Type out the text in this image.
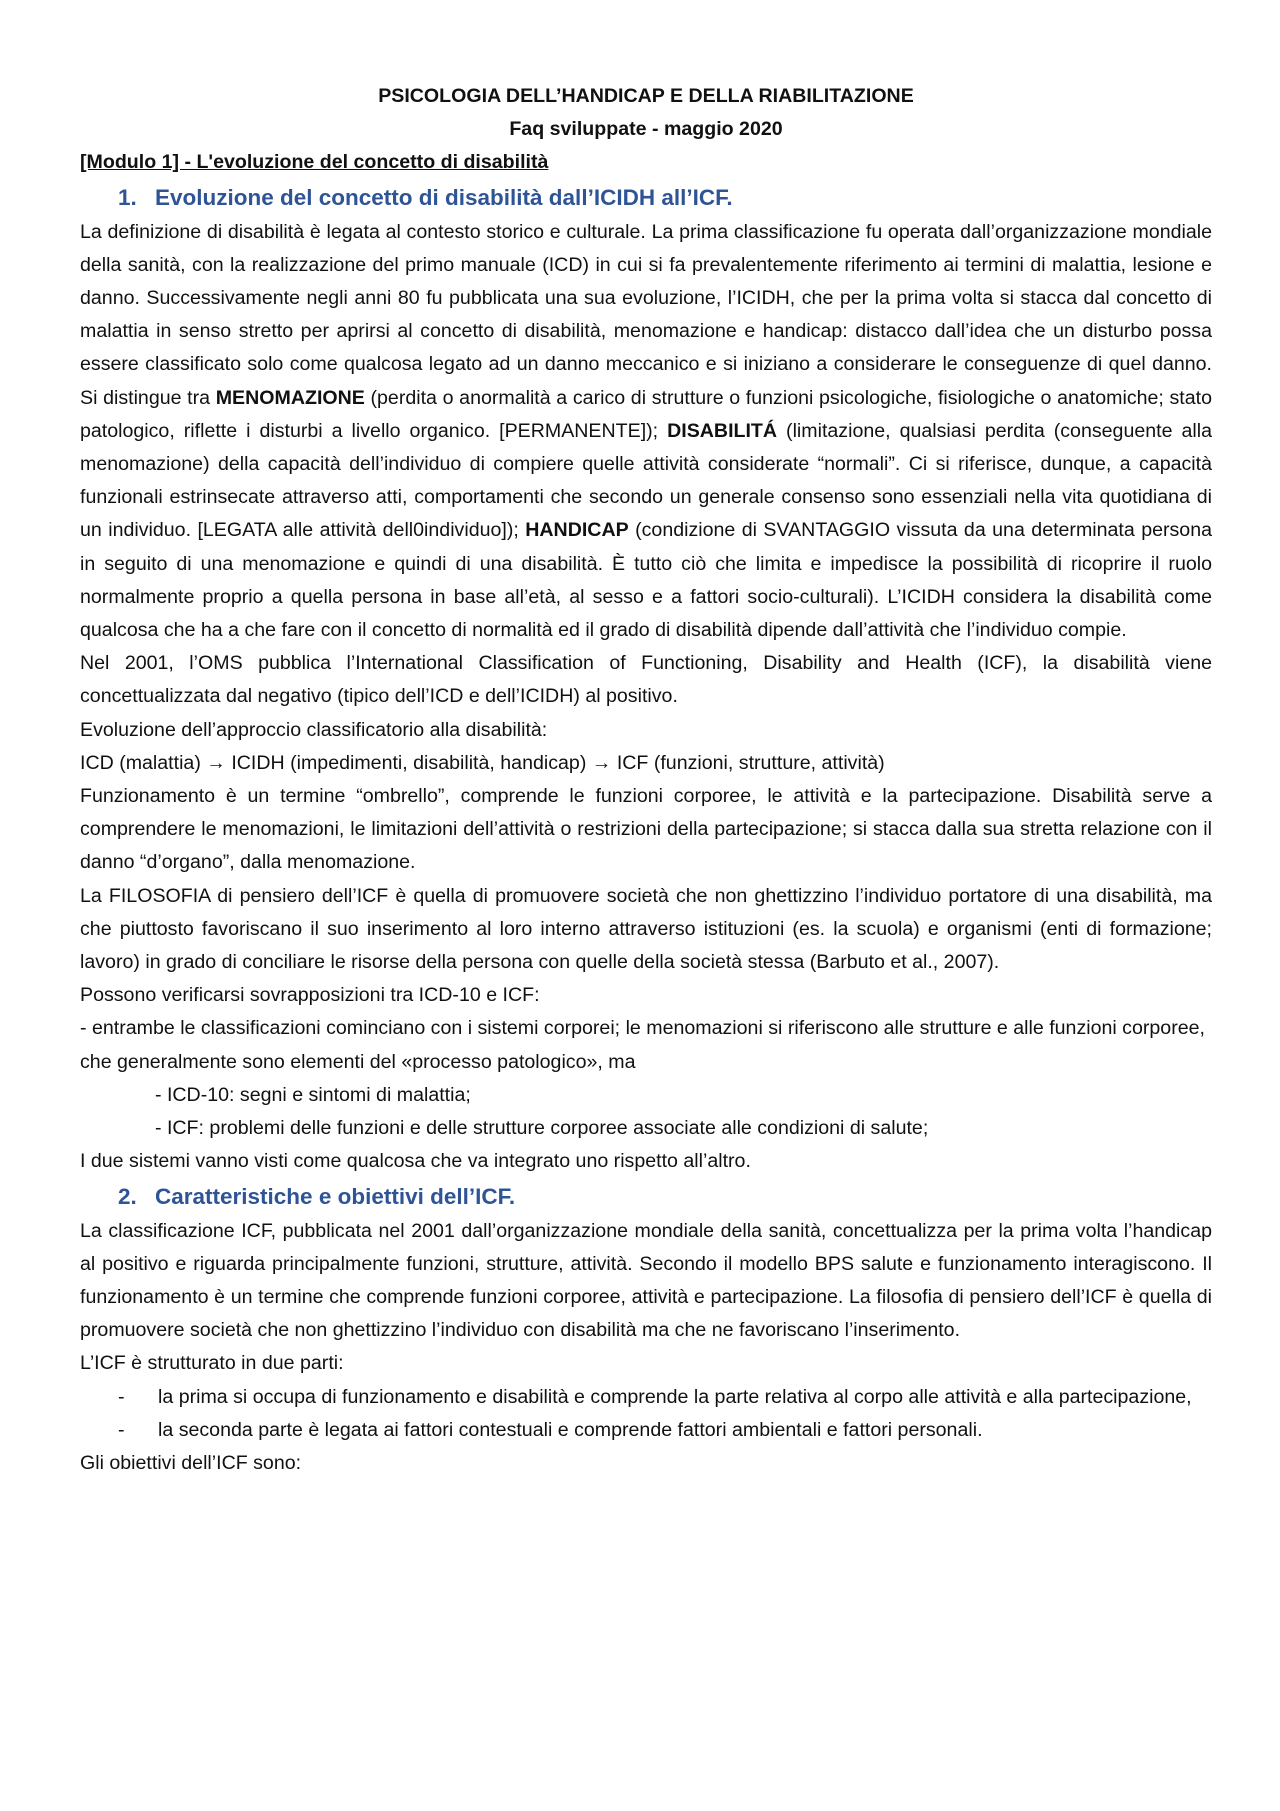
PSICOLOGIA DELL’HANDICAP E DELLA RIABILITAZIONE
Faq sviluppate - maggio 2020
[Modulo 1] - L'evoluzione del concetto di disabilità
1. Evoluzione del concetto di disabilità dall’ICIDH all’ICF.

La definizione di disabilità è legata al contesto storico e culturale. La prima classificazione fu operata dall’organizzazione mondiale della sanità, con la realizzazione del primo manuale (ICD) in cui si fa prevalentemente riferimento ai termini di malattia, lesione e danno. Successivamente negli anni 80 fu pubblicata una sua evoluzione, l’ICIDH, che per la prima volta si stacca dal concetto di malattia in senso stretto per aprirsi al concetto di disabilità, menomazione e handicap: distacco dall’idea che un disturbo possa essere classificato solo come qualcosa legato ad un danno meccanico e si iniziano a considerare le conseguenze di quel danno. Si distingue tra MENOMAZIONE (perdita o anormalità a carico di strutture o funzioni psicologiche, fisiologiche o anatomiche; stato patologico, riflette i disturbi a livello organico. [PERMANENTE]); DISABILITÁ (limitazione, qualsiasi perdita (conseguente alla menomazione) della capacità dell’individuo di compiere quelle attività considerate “normali”. Ci si riferisce, dunque, a capacità funzionali estrinsecate attraverso atti, comportamenti che secondo un generale consenso sono essenziali nella vita quotidiana di un individuo. [LEGATA alle attività dell0individuo]); HANDICAP (condizione di SVANTAGGIO vissuta da una determinata persona in seguito di una menomazione e quindi di una disabilità. È tutto ciò che limita e impedisce la possibilità di ricoprire il ruolo normalmente proprio a quella persona in base all’età, al sesso e a fattori socio-culturali). L’ICIDH considera la disabilità come qualcosa che ha a che fare con il concetto di normalità ed il grado di disabilità dipende dall’attività che l’individuo compie.

Nel 2001, l’OMS pubblica l’International Classification of Functioning, Disability and Health (ICF), la disabilità viene concettualizzata dal negativo (tipico dell’ICD e dell’ICIDH) al positivo.

Evoluzione dell’approccio classificatorio alla disabilità:

ICD (malattia) → ICIDH (impedimenti, disabilità, handicap) → ICF (funzioni, strutture, attività)

Funzionamento è un termine “ombrello”, comprende le funzioni corporee, le attività e la partecipazione. Disabilità serve a comprendere le menomazioni, le limitazioni dell’attività o restrizioni della partecipazione; si stacca dalla sua stretta relazione con il danno “d’organo”, dalla menomazione.

La FILOSOFIA di pensiero dell’ICF è quella di promuovere società che non ghettizzino l’individuo portatore di una disabilità, ma che piuttosto favoriscano il suo inserimento al loro interno attraverso istituzioni (es. la scuola) e organismi (enti di formazione; lavoro) in grado di conciliare le risorse della persona con quelle della società stessa (Barbuto et al., 2007).

Possono verificarsi sovrapposizioni tra ICD-10 e ICF:

- entrambe le classificazioni cominciano con i sistemi corporei; le menomazioni si riferiscono alle strutture e alle funzioni corporee, che generalmente sono elementi del «processo patologico», ma

- ICD-10: segni e sintomi di malattia;

- ICF: problemi delle funzioni e delle strutture corporee associate alle condizioni di salute;

I due sistemi vanno visti come qualcosa che va integrato uno rispetto all’altro.

2. Caratteristiche e obiettivi dell’ICF.

La classificazione ICF, pubblicata nel 2001 dall’organizzazione mondiale della sanità, concettualizza per la prima volta l’handicap al positivo e riguarda principalmente funzioni, strutture, attività. Secondo il modello BPS salute e funzionamento interagiscono. Il funzionamento è un termine che comprende funzioni corporee, attività e partecipazione. La filosofia di pensiero dell’ICF è quella di promuovere società che non ghettizzino l’individuo con disabilità ma che ne favoriscano l’inserimento.

L’ICF è strutturato in due parti:

- la prima si occupa di funzionamento e disabilità e comprende la parte relativa al corpo alle attività e alla partecipazione,
- la seconda parte è legata ai fattori contestuali e comprende fattori ambientali e fattori personali.

Gli obiettivi dell’ICF sono:
